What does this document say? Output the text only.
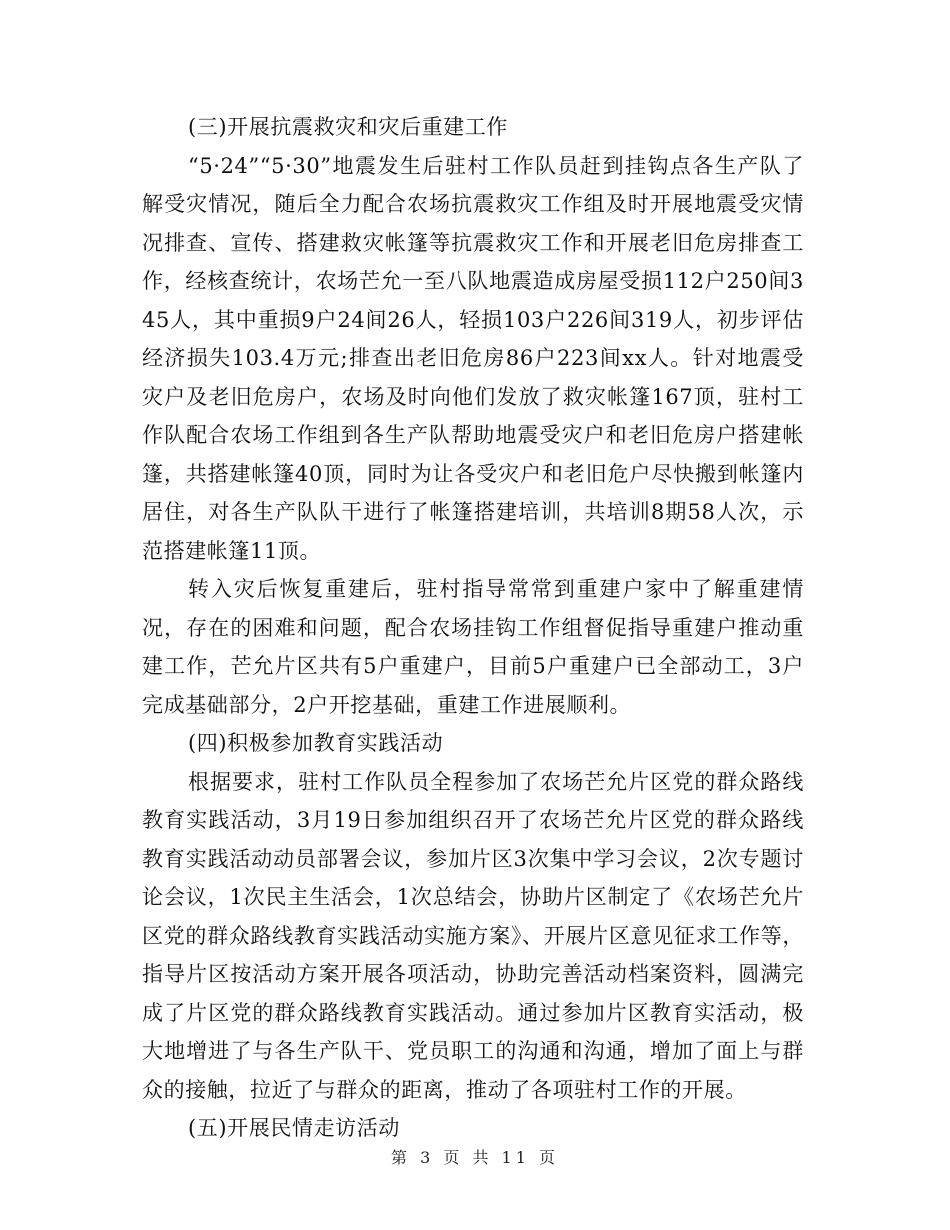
(三)开展抗震救灾和灾后重建工作

“5·24”“5·30”地震发生后驻村工作队员赶到挂钩点各生产队了解受灾情况，随后全力配合农场抗震救灾工作组及时开展地震受灾情况排查、宣传、搭建救灾帐篷等抗震救灾工作和开展老旧危房排查工作，经核查统计，农场芒允一至八队地震造成房屋受损112户250间345人，其中重损9户24间26人，轻损103户226间319人，初步评估经济损失103.4万元;排查出老旧危房86户223间xx人。针对地震受灾户及老旧危房户，农场及时向他们发放了救灾帐篷167顶，驻村工作队配合农场工作组到各生产队帮助地震受灾户和老旧危房户搭建帐篷，共搭建帐篷40顶，同时为让各受灾户和老旧危户尽快搬到帐篷内居住，对各生产队队干进行了帐篷搭建培训，共培训8期58人次，示范搭建帐篷11顶。

转入灾后恢复重建后，驻村指导常常到重建户家中了解重建情况，存在的困难和问题，配合农场挂钩工作组督促指导重建户推动重建工作，芒允片区共有5户重建户，目前5户重建户已全部动工，3户完成基础部分，2户开挖基础，重建工作进展顺利。

(四)积极参加教育实践活动

根据要求，驻村工作队员全程参加了农场芒允片区党的群众路线教育实践活动，3月19日参加组织召开了农场芒允片区党的群众路线教育实践活动动员部署会议，参加片区3次集中学习会议，2次专题讨论会议，1次民主生活会，1次总结会，协助片区制定了《农场芒允片区党的群众路线教育实践活动实施方案》、开展片区意见征求工作等，指导片区按活动方案开展各项活动，协助完善活动档案资料，圆满完成了片区党的群众路线教育实践活动。通过参加片区教育实活动，极大地增进了与各生产队干、党员职工的沟通和沟通，增加了面上与群众的接触，拉近了与群众的距离，推动了各项驻村工作的开展。

(五)开展民情走访活动

第 3 页 共 11 页
